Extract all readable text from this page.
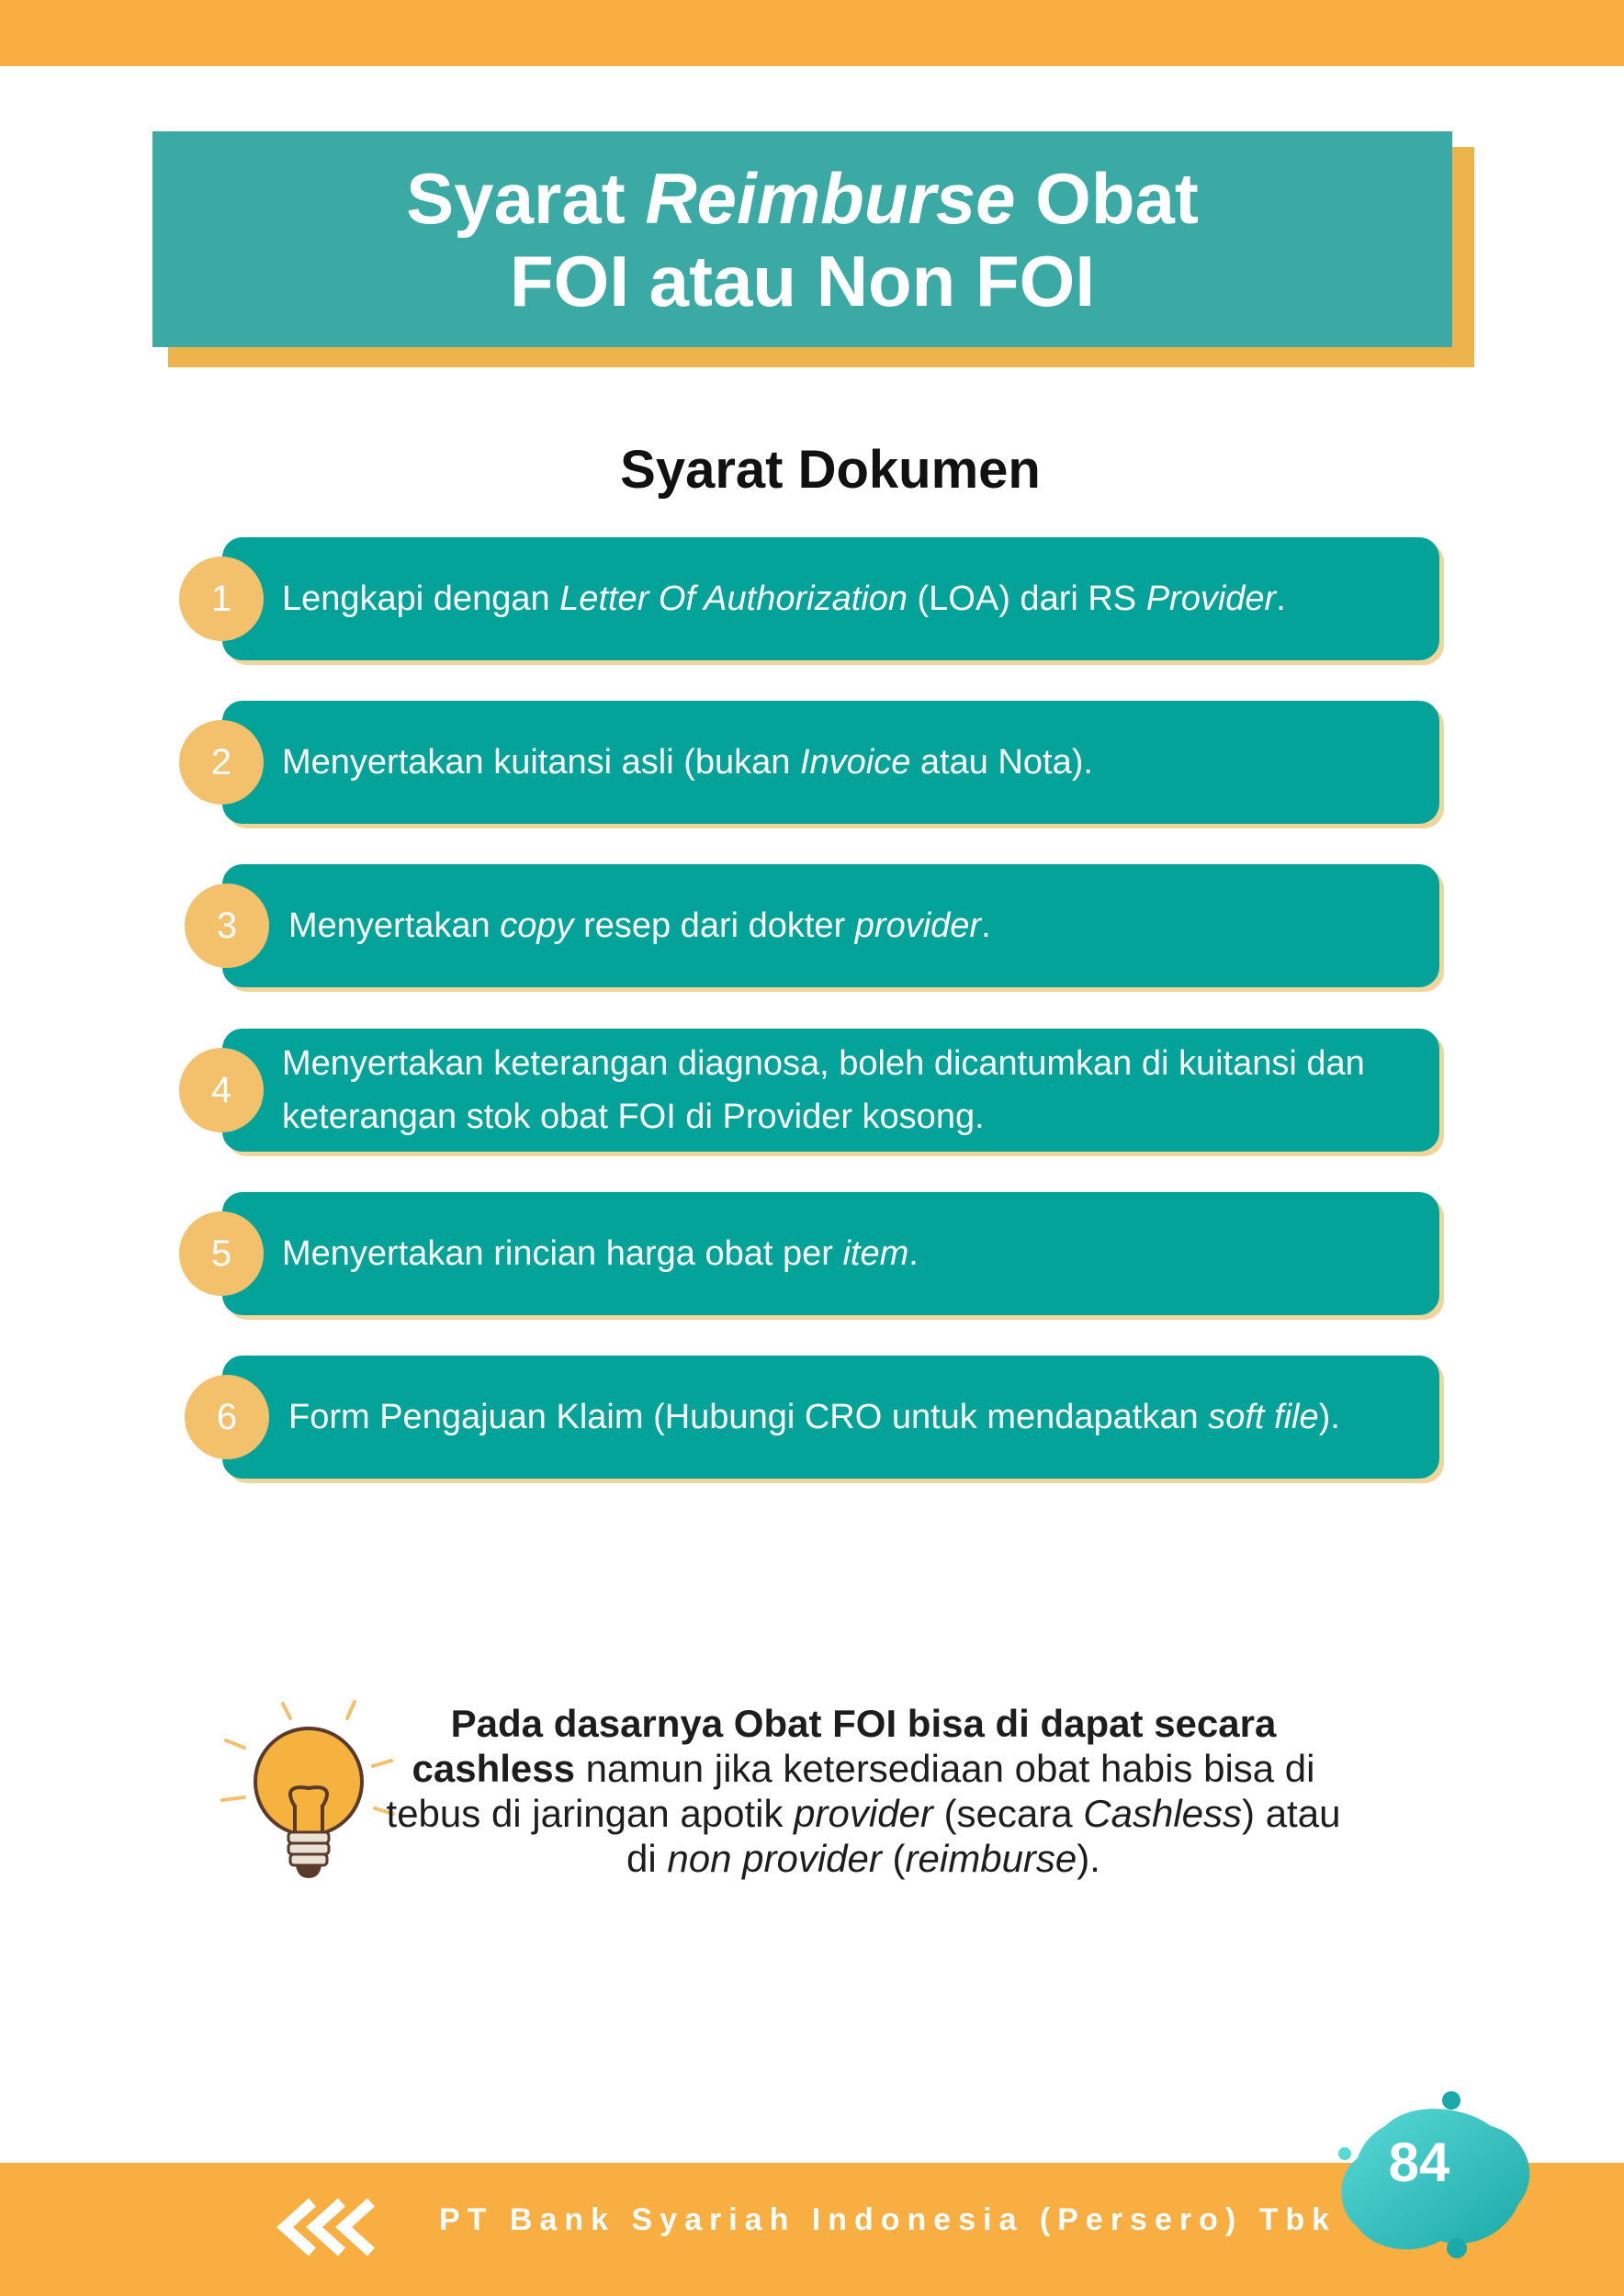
Syarat Reimburse Obat
FOI atau Non FOI
Syarat Dokumen
1	Lengkapi dengan Letter Of Authorization (LOA) dari RS Provider.
2	Menyertakan kuitansi asli (bukan Invoice atau Nota).
3	Menyertakan copy resep dari dokter provider.
4
Menyertakan keterangan diagnosa, boleh dicantumkan di kuitansi dan keterangan stok obat FOI di Provider kosong.
5	Menyertakan rincian harga obat per item.
6	Form Pengajuan Klaim (Hubungi CRO untuk mendapatkan soft file).
Pada dasarnya Obat FOI bisa di dapat secara cashless namun jika ketersediaan obat habis bisa di tebus di jaringan apotik provider (secara Cashless) atau di non provider (reimburse).
PT Bank Syariah Indonesia (Persero) Tbk
84
